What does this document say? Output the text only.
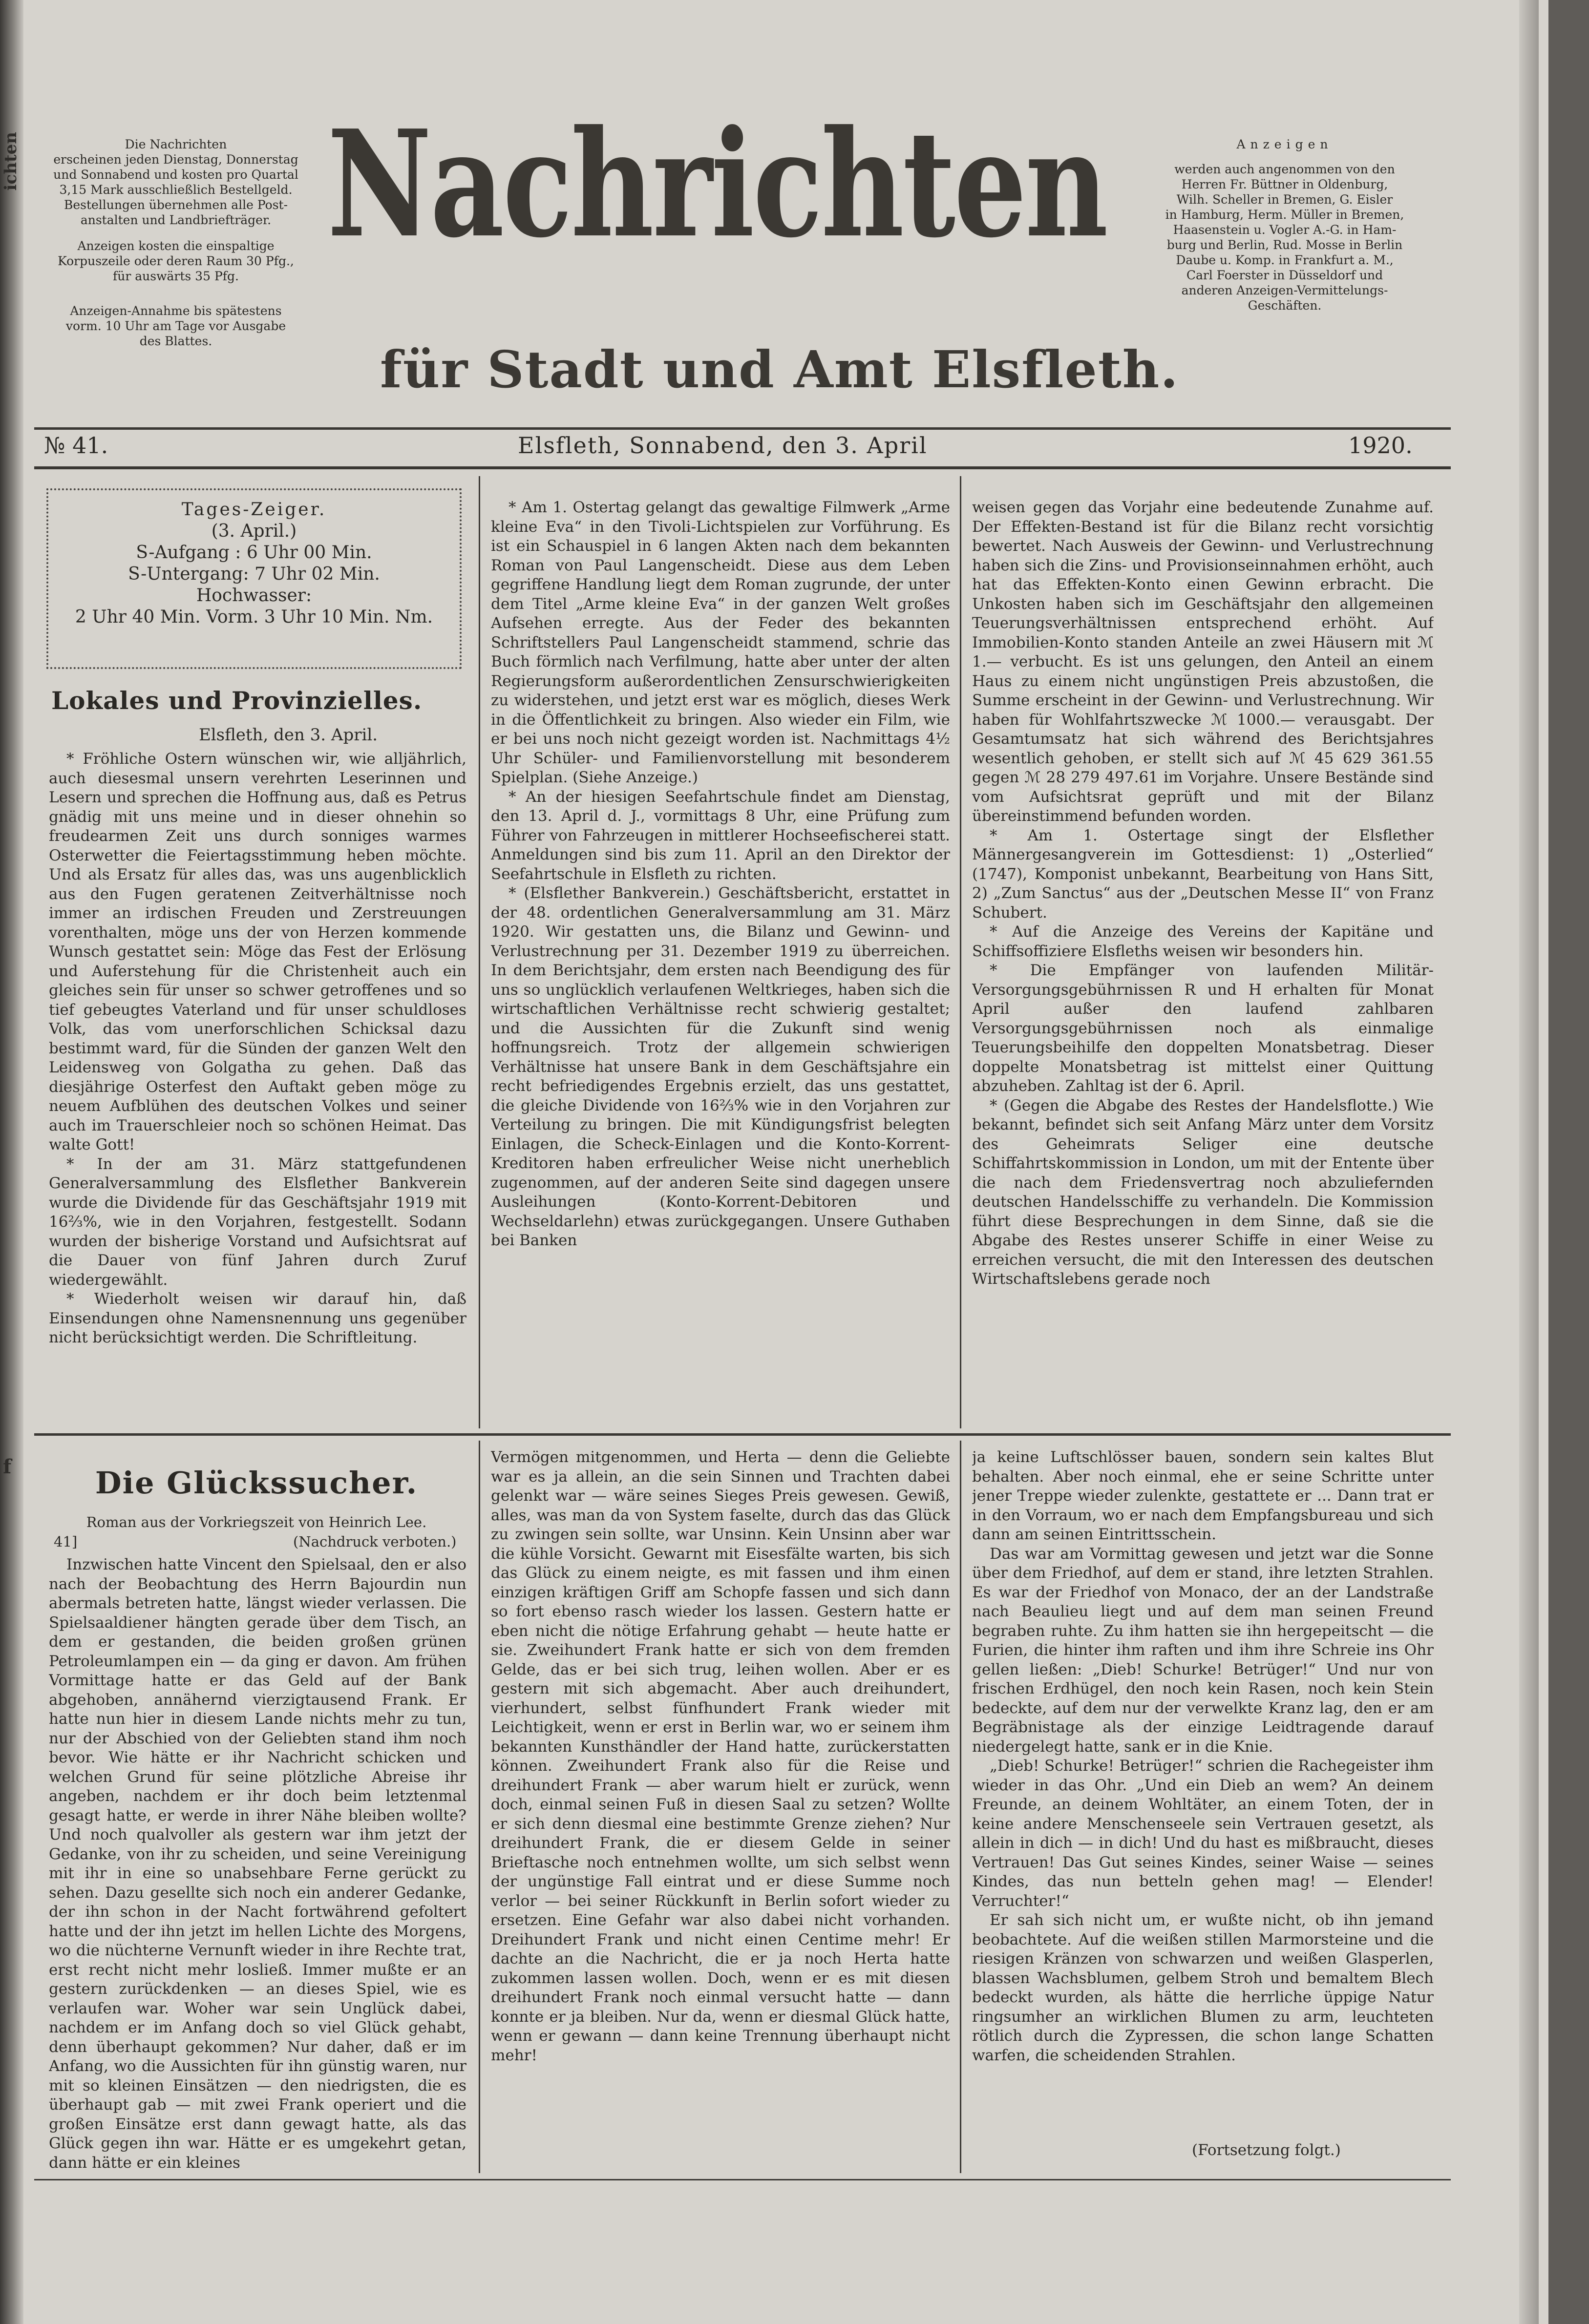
Nachrichten
für Stadt und Amt Elsfleth.
Die Nachrichten
erscheinen jeden Dienstag, Donnerstag
und Sonnabend und kosten pro Quartal
3,15 Mark ausschließlich Bestellgeld.
Bestellungen übernehmen alle Post-
anstalten und Landbriefträger.
Anzeigen kosten die einspaltige
Korpuszeile oder deren Raum 30 Pfg.,
für auswärts 35 Pfg.
Anzeigen-Annahme bis spätestens
vorm. 10 Uhr am Tage vor Ausgabe
des Blattes.
Anzeigen
werden auch angenommen von den
Herren Fr. Büttner in Oldenburg,
Wilh. Scheller in Bremen, G. Eisler
in Hamburg, Herm. Müller in Bremen,
Haasenstein u. Vogler A.-G. in Ham-
burg und Berlin, Rud. Mosse in Berlin
Daube u. Komp. in Frankfurt a. M.,
Carl Foerster in Düsseldorf und
anderen Anzeigen-Vermittelungs-
Geschäften.
№ 41.	Elsfleth, Sonnabend, den 3. April	1920.
Tages-Zeiger.
(3. April.)
S-Aufgang : 6 Uhr 00 Min.
S-Untergang: 7 Uhr 02 Min.
Hochwasser:
2 Uhr 40 Min. Vorm. 3 Uhr 10 Min. Nm.
Lokales und Provinzielles.
Elsfleth, den 3. April.

* Fröhliche Ostern wünschen wir, wie alljährlich, auch diesesmal unsern verehrten Leserinnen und Lesern und sprechen die Hoffnung aus, daß es Petrus gnädig mit uns meine und in dieser ohnehin so freudearmen Zeit uns durch sonniges warmes Osterwetter die Feiertagsstimmung heben möchte. Und als Ersatz für alles das, was uns augenblicklich aus den Fugen geratenen Zeitverhältnisse noch immer an irdischen Freuden und Zerstreuungen vorenthalten, möge uns der von Herzen kommende Wunsch gestattet sein: Möge das Fest der Erlösung und Auferstehung für die Christenheit auch ein gleiches sein für unser so schwer getroffenes und so tief gebeugtes Vaterland und für unser schuldloses Volk, das vom unerforschlichen Schicksal dazu bestimmt ward, für die Sünden der ganzen Welt den Leidensweg von Golgatha zu gehen. Daß das diesjährige Osterfest den Auftakt geben möge zu neuem Aufblühen des deutschen Volkes und seiner auch im Trauerschleier noch so schönen Heimat. Das walte Gott!

* In der am 31. März stattgefundenen Generalversammlung des Elsflether Bankverein wurde die Dividende für das Geschäftsjahr 1919 mit 16⅔%, wie in den Vorjahren, festgestellt. Sodann wurden der bisherige Vorstand und Aufsichtsrat auf die Dauer von fünf Jahren durch Zuruf wiedergewählt.

* Wiederholt weisen wir darauf hin, daß Einsendungen ohne Namensnennung uns gegenüber nicht berücksichtigt werden. Die Schriftleitung.

* Am 1. Ostertag gelangt das gewaltige Filmwerk „Arme kleine Eva“ in den Tivoli-Lichtspielen zur Vorführung. Es ist ein Schauspiel in 6 langen Akten nach dem bekannten Roman von Paul Langenscheidt. Diese aus dem Leben gegriffene Handlung liegt dem Roman zugrunde, der unter dem Titel „Arme kleine Eva“ in der ganzen Welt großes Aufsehen erregte. Aus der Feder des bekannten Schriftstellers Paul Langenscheidt stammend, schrie das Buch förmlich nach Verfilmung, hatte aber unter der alten Regierungsform außerordentlichen Zensurschwierigkeiten zu widerstehen, und jetzt erst war es möglich, dieses Werk in die Öffentlichkeit zu bringen. Also wieder ein Film, wie er bei uns noch nicht gezeigt worden ist. Nachmittags 4½ Uhr Schüler- und Familienvorstellung mit besonderem Spielplan. (Siehe Anzeige.)

* An der hiesigen Seefahrtschule findet am Dienstag, den 13. April d. J., vormittags 8 Uhr, eine Prüfung zum Führer von Fahrzeugen in mittlerer Hochseefischerei statt. Anmeldungen sind bis zum 11. April an den Direktor der Seefahrtschule in Elsfleth zu richten.

* (Elsflether Bankverein.) Geschäftsbericht, erstattet in der 48. ordentlichen Generalversammlung am 31. März 1920. Wir gestatten uns, die Bilanz und Gewinn- und Verlustrechnung per 31. Dezember 1919 zu überreichen. In dem Berichtsjahr, dem ersten nach Beendigung des für uns so unglücklich verlaufenen Weltkrieges, haben sich die wirtschaftlichen Verhältnisse recht schwierig gestaltet; und die Aussichten für die Zukunft sind wenig hoffnungsreich. Trotz der allgemein schwierigen Verhältnisse hat unsere Bank in dem Geschäftsjahre ein recht befriedigendes Ergebnis erzielt, das uns gestattet, die gleiche Dividende von 16⅔% wie in den Vorjahren zur Verteilung zu bringen. Die mit Kündigungsfrist belegten Einlagen, die Scheck-Einlagen und die Konto-Korrent-Kreditoren haben erfreulicher Weise nicht unerheblich zugenommen, auf der anderen Seite sind dagegen unsere Ausleihungen (Konto-Korrent-Debitoren und Wechseldarlehn) etwas zurückgegangen. Unsere Guthaben bei Banken

weisen gegen das Vorjahr eine bedeutende Zunahme auf. Der Effekten-Bestand ist für die Bilanz recht vorsichtig bewertet. Nach Ausweis der Gewinn- und Verlustrechnung haben sich die Zins- und Provisionseinnahmen erhöht, auch hat das Effekten-Konto einen Gewinn erbracht. Die Unkosten haben sich im Geschäftsjahr den allgemeinen Teuerungsverhältnissen entsprechend erhöht. Auf Immobilien-Konto standen Anteile an zwei Häusern mit ℳ 1.— verbucht. Es ist uns gelungen, den Anteil an einem Haus zu einem nicht ungünstigen Preis abzustoßen, die Summe erscheint in der Gewinn- und Verlustrechnung. Wir haben für Wohlfahrtszwecke ℳ 1000.— verausgabt. Der Gesamtumsatz hat sich während des Berichtsjahres wesentlich gehoben, er stellt sich auf ℳ 45 629 361.55 gegen ℳ 28 279 497.61 im Vorjahre. Unsere Bestände sind vom Aufsichtsrat geprüft und mit der Bilanz übereinstimmend befunden worden.

* Am 1. Ostertage singt der Elsflether Männergesangverein im Gottesdienst: 1) „Osterlied“ (1747), Komponist unbekannt, Bearbeitung von Hans Sitt, 2) „Zum Sanctus“ aus der „Deutschen Messe II“ von Franz Schubert.

* Auf die Anzeige des Vereins der Kapitäne und Schiffsoffiziere Elsfleths weisen wir besonders hin.

* Die Empfänger von laufenden Militär-Versorgungsgebührnissen R und H erhalten für Monat April außer den laufend zahlbaren Versorgungsgebührnissen noch als einmalige Teuerungsbeihilfe den doppelten Monatsbetrag. Dieser doppelte Monatsbetrag ist mittelst einer Quittung abzuheben. Zahltag ist der 6. April.

* (Gegen die Abgabe des Restes der Handelsflotte.) Wie bekannt, befindet sich seit Anfang März unter dem Vorsitz des Geheimrats Seliger eine deutsche Schiffahrtskommission in London, um mit der Entente über die nach dem Friedensvertrag noch abzuliefernden deutschen Handelsschiffe zu verhandeln. Die Kommission führt diese Besprechungen in dem Sinne, daß sie die Abgabe des Restes unserer Schiffe in einer Weise zu erreichen versucht, die mit den Interessen des deutschen Wirtschaftslebens gerade noch

Die Glückssucher.
Roman aus der Vorkriegszeit von Heinrich Lee.
41]	(Nachdruck verboten.)

Inzwischen hatte Vincent den Spielsaal, den er also nach der Beobachtung des Herrn Bajourdin nun abermals betreten hatte, längst wieder verlassen. Die Spielsaaldiener hängten gerade über dem Tisch, an dem er gestanden, die beiden großen grünen Petroleumlampen ein — da ging er davon. Am frühen Vormittage hatte er das Geld auf der Bank abgehoben, annähernd vierzigtausend Frank. Er hatte nun hier in diesem Lande nichts mehr zu tun, nur der Abschied von der Geliebten stand ihm noch bevor. Wie hätte er ihr Nachricht schicken und welchen Grund für seine plötzliche Abreise ihr angeben, nachdem er ihr doch beim letztenmal gesagt hatte, er werde in ihrer Nähe bleiben wollte? Und noch qualvoller als gestern war ihm jetzt der Gedanke, von ihr zu scheiden, und seine Vereinigung mit ihr in eine so unabsehbare Ferne gerückt zu sehen. Dazu gesellte sich noch ein anderer Gedanke, der ihn schon in der Nacht fortwährend gefoltert hatte und der ihn jetzt im hellen Lichte des Morgens, wo die nüchterne Vernunft wieder in ihre Rechte trat, erst recht nicht mehr losließ. Immer mußte er an gestern zurückdenken — an dieses Spiel, wie es verlaufen war. Woher war sein Unglück dabei, nachdem er im Anfang doch so viel Glück gehabt, denn überhaupt gekommen? Nur daher, daß er im Anfang, wo die Aussichten für ihn günstig waren, nur mit so kleinen Einsätzen — den niedrigsten, die es überhaupt gab — mit zwei Frank operiert und die großen Einsätze erst dann gewagt hatte, als das Glück gegen ihn war. Hätte er es umgekehrt getan, dann hätte er ein kleines

Vermögen mitgenommen, und Herta — denn die Geliebte war es ja allein, an die sein Sinnen und Trachten dabei gelenkt war — wäre seines Sieges Preis gewesen. Gewiß, alles, was man da von System faselte, durch das das Glück zu zwingen sein sollte, war Unsinn. Kein Unsinn aber war die kühle Vorsicht. Gewarnt mit Eisesfälte warten, bis sich das Glück zu einem neigte, es mit fassen und ihm einen einzigen kräftigen Griff am Schopfe fassen und sich dann so fort ebenso rasch wieder los lassen. Gestern hatte er eben nicht die nötige Erfahrung gehabt — heute hatte er sie. Zweihundert Frank hatte er sich von dem fremden Gelde, das er bei sich trug, leihen wollen. Aber er es gestern mit sich abgemacht. Aber auch dreihundert, vierhundert, selbst fünfhundert Frank wieder mit Leichtigkeit, wenn er erst in Berlin war, wo er seinem ihm bekannten Kunsthändler der Hand hatte, zurückerstatten können. Zweihundert Frank also für die Reise und dreihundert Frank — aber warum hielt er zurück, wenn doch, einmal seinen Fuß in diesen Saal zu setzen? Wollte er sich denn diesmal eine bestimmte Grenze ziehen? Nur dreihundert Frank, die er diesem Gelde in seiner Brieftasche noch entnehmen wollte, um sich selbst wenn der ungünstige Fall eintrat und er diese Summe noch verlor — bei seiner Rückkunft in Berlin sofort wieder zu ersetzen. Eine Gefahr war also dabei nicht vorhanden. Dreihundert Frank und nicht einen Centime mehr! Er dachte an die Nachricht, die er ja noch Herta hatte zukommen lassen wollen. Doch, wenn er es mit diesen dreihundert Frank noch einmal versucht hatte — dann konnte er ja bleiben. Nur da, wenn er diesmal Glück hatte, wenn er gewann — dann keine Trennung überhaupt nicht mehr!

ja keine Luftschlösser bauen, sondern sein kaltes Blut behalten. Aber noch einmal, ehe er seine Schritte unter jener Treppe wieder zulenkte, gestattete er ... Dann trat er in den Vorraum, wo er nach dem Empfangsbureau und sich dann am seinen Eintrittsschein.

Das war am Vormittag gewesen und jetzt war die Sonne über dem Friedhof, auf dem er stand, ihre letzten Strahlen. Es war der Friedhof von Monaco, der an der Landstraße nach Beaulieu liegt und auf dem man seinen Freund begraben ruhte. Zu ihm hatten sie ihn hergepeitscht — die Furien, die hinter ihm raften und ihm ihre Schreie ins Ohr gellen ließen: „Dieb! Schurke! Betrüger!“ Und nur von frischen Erdhügel, den noch kein Rasen, noch kein Stein bedeckte, auf dem nur der verwelkte Kranz lag, den er am Begräbnistage als der einzige Leidtragende darauf niedergelegt hatte, sank er in die Knie.

„Dieb! Schurke! Betrüger!“ schrien die Rachegeister ihm wieder in das Ohr. „Und ein Dieb an wem? An deinem Freunde, an deinem Wohltäter, an einem Toten, der in keine andere Menschenseele sein Vertrauen gesetzt, als allein in dich — in dich! Und du hast es mißbraucht, dieses Vertrauen! Das Gut seines Kindes, seiner Waise — seines Kindes, das nun betteln gehen mag! — Elender! Verruchter!“

Er sah sich nicht um, er wußte nicht, ob ihn jemand beobachtete. Auf die weißen stillen Marmorsteine und die riesigen Kränzen von schwarzen und weißen Glasperlen, blassen Wachsblumen, gelbem Stroh und bemaltem Blech bedeckt wurden, als hätte die herrliche üppige Natur ringsumher an wirklichen Blumen zu arm, leuchteten rötlich durch die Zypressen, die schon lange Schatten warfen, die scheidenden Strahlen.

(Fortsetzung folgt.)
ichten
f
